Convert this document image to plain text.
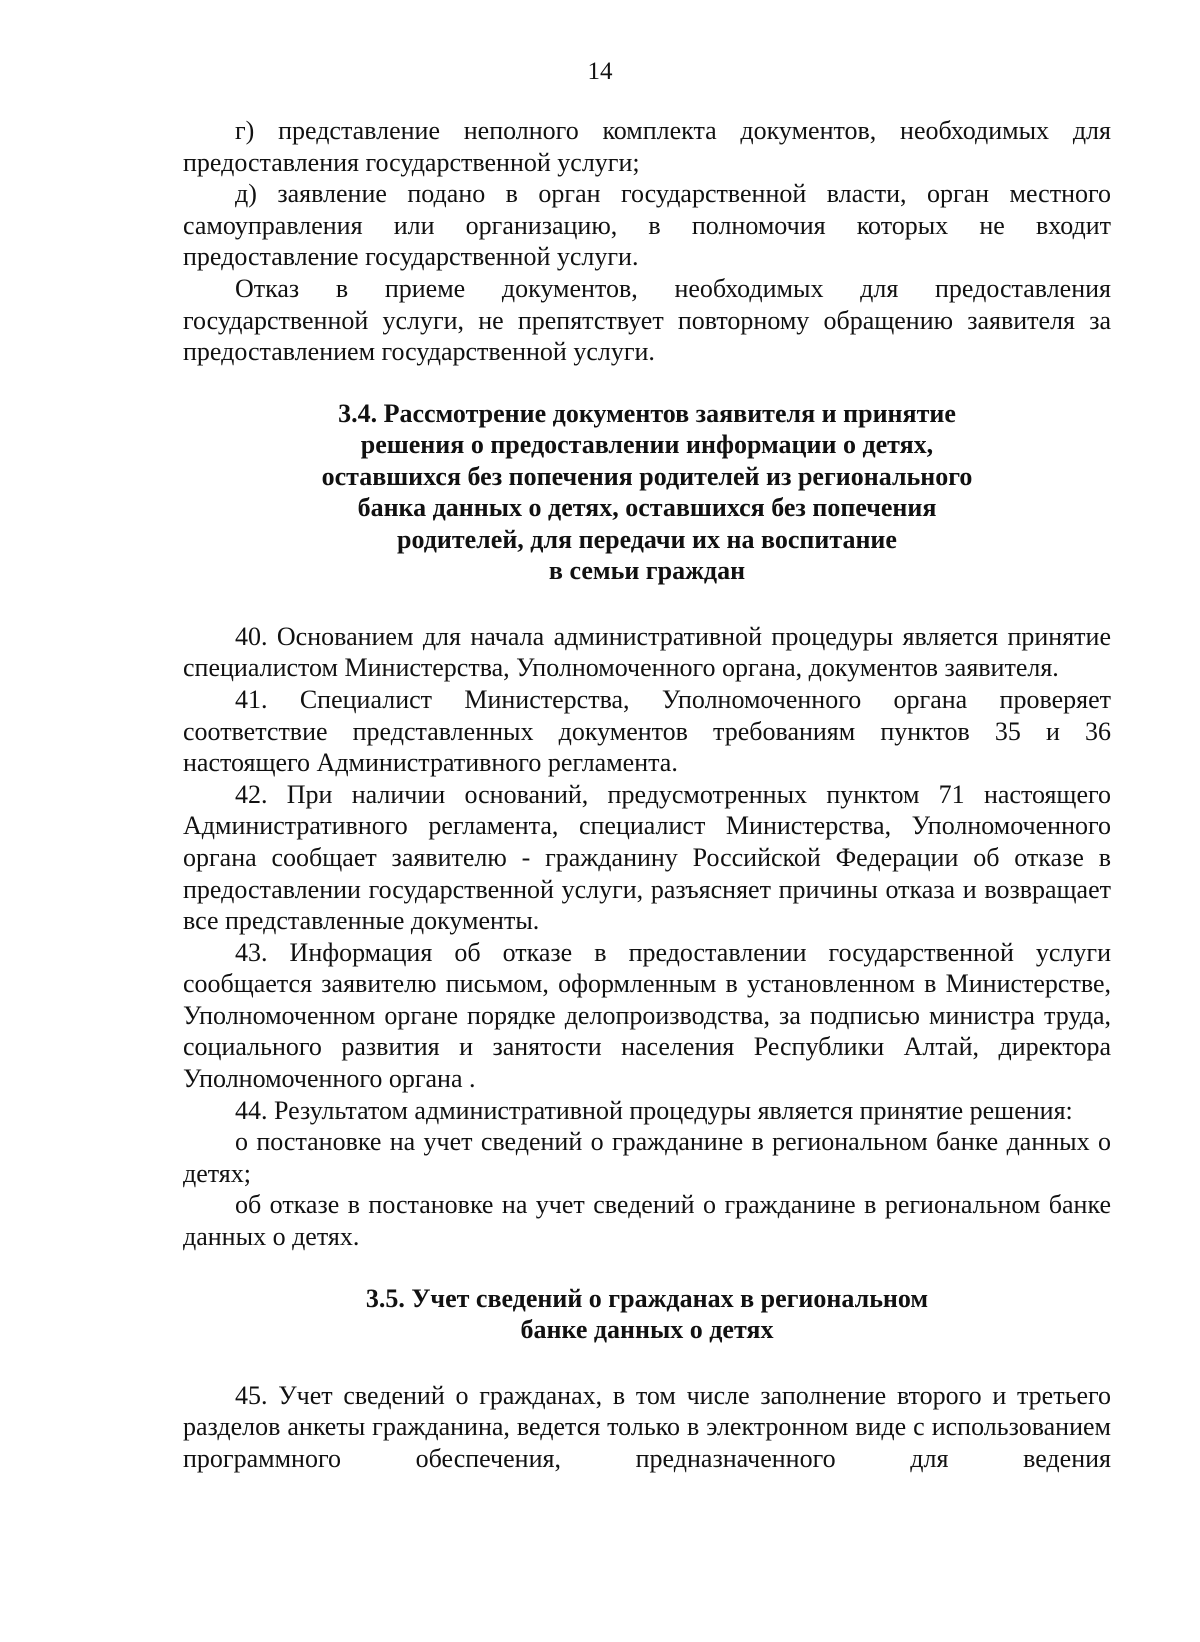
14

г) представление неполного комплекта документов, необходимых для предоставления государственной услуги;

д) заявление подано в орган государственной власти, орган местного самоуправления или организацию, в полномочия которых не входит предоставление государственной услуги.

Отказ в приеме документов, необходимых для предоставления государственной услуги, не препятствует повторному обращению заявителя за предоставлением государственной услуги.

3.4. Рассмотрение документов заявителя и принятие
решения о предоставлении информации о детях,
оставшихся без попечения родителей из регионального
банка данных о детях, оставшихся без попечения
родителей, для передачи их на воспитание
в семьи граждан

40. Основанием для начала административной процедуры является принятие специалистом Министерства, Уполномоченного органа, документов заявителя.

41. Специалист Министерства, Уполномоченного органа проверяет соответствие представленных документов требованиям пунктов 35 и 36 настоящего Административного регламента.

42. При наличии оснований, предусмотренных пунктом 71 настоящего Административного регламента, специалист Министерства, Уполномоченного органа сообщает заявителю - гражданину Российской Федерации об отказе в предоставлении государственной услуги, разъясняет причины отказа и возвращает все представленные документы.

43. Информация об отказе в предоставлении государственной услуги сообщается заявителю письмом, оформленным в установленном в Министерстве, Уполномоченном органе порядке делопроизводства, за подписью министра труда, социального развития и занятости населения Республики Алтай, директора Уполномоченного органа .

44. Результатом административной процедуры является принятие решения:

о постановке на учет сведений о гражданине в региональном банке данных о детях;

об отказе в постановке на учет сведений о гражданине в региональном банке данных о детях.

3.5. Учет сведений о гражданах в региональном
банке данных о детях

45. Учет сведений о гражданах, в том числе заполнение второго и третьего разделов анкеты гражданина, ведется только в электронном виде с использованием программного обеспечения, предназначенного для ведения
